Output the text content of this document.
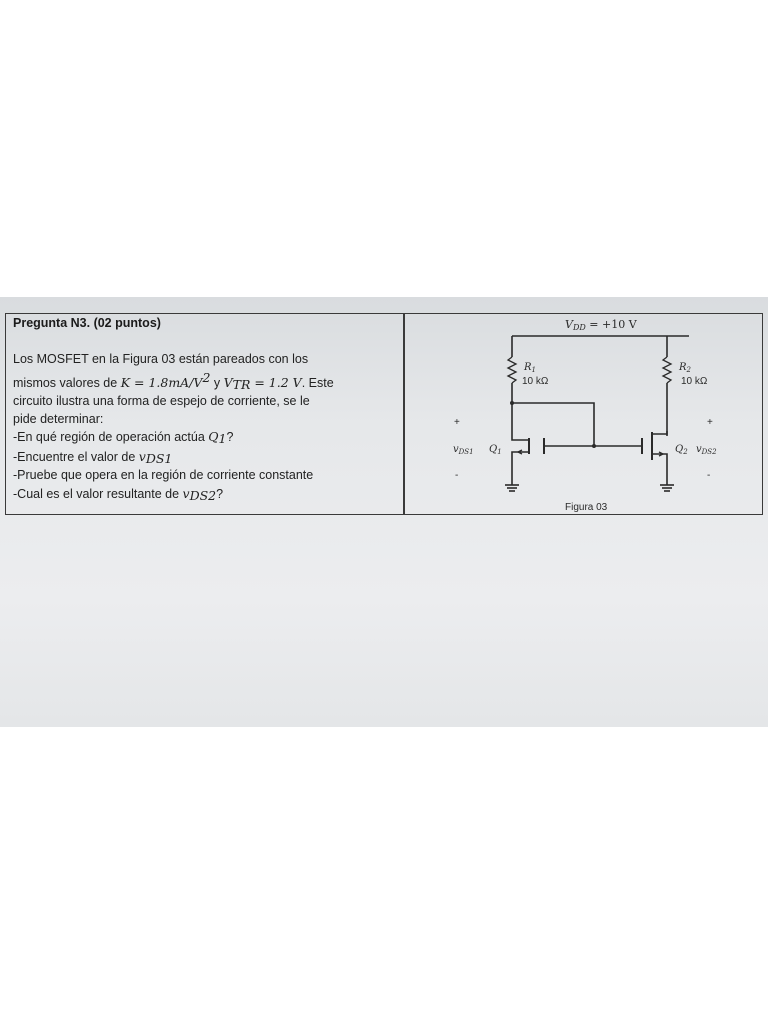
Pregunta N3. (02 puntos)

Los MOSFET en la Figura 03 están pareados con los

mismos valores de $K = 1.8mA/V^2$ y $V_{TR} = 1.2$ V. Este

circuito ilustra una forma de espejo de corriente, se le

pide determinar:

-En qué región de operación actúa $Q_1$?

-Encuentre el valor de $v_{DS1}$

-Pruebe que opera en la región de corriente constante

-Cual es el valor resultante de $v_{DS2}$?

VDD = +10 V
$R_1$
10 kΩ
$R_2$
10 kΩ
+
$v_{DS1}$
-
$Q_1$
+
$Q_2$ $v_{DS2}$
-
Figura 03
